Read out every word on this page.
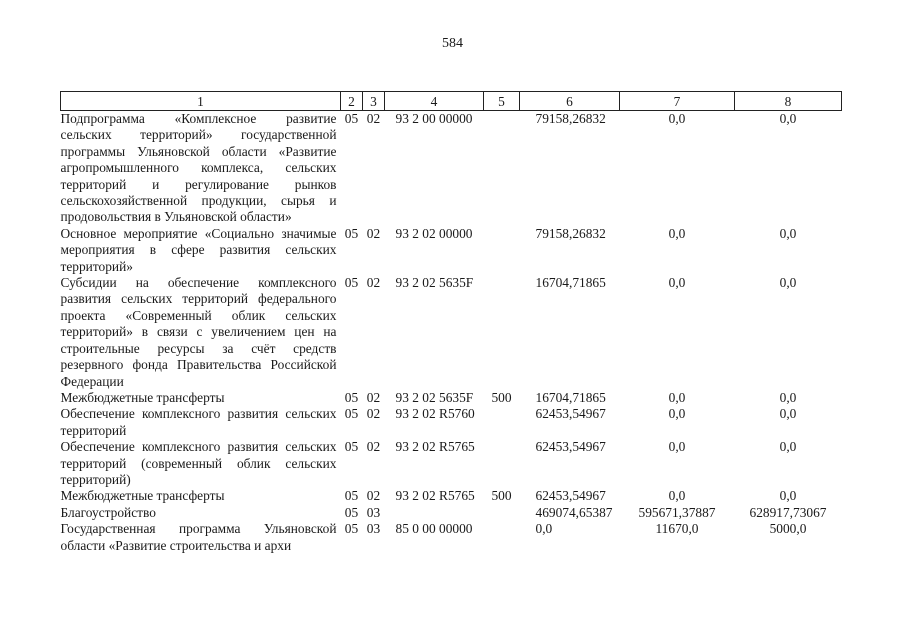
584
1	2	3	4	5	6	7	8
Подпрограмма «Комплексное развитие сельских территорий» государственной программы Ульяновской области «Развитие агропромышленного комплекса, сельских территорий и регулирование рынков сельскохозяйственной продукции, сырья и продовольствия в Ульяновской области»	05	02	93 2 00 00000		79158,26832	0,0	0,0
Основное мероприятие «Социально значимые мероприятия в сфере развития сельских территорий»	05	02	93 2 02 00000		79158,26832	0,0	0,0
Субсидии на обеспечение комплексного развития сельских территорий федерального проекта «Современный облик сельских территорий» в связи с увеличением цен на строительные ресурсы за счёт средств резервного фонда Правительства Российской Федерации	05	02	93 2 02 5635F		16704,71865	0,0	0,0
Межбюджетные трансферты	05	02	93 2 02 5635F	500	16704,71865	0,0	0,0
Обеспечение комплексного развития сельских территорий	05	02	93 2 02 R5760		62453,54967	0,0	0,0
Обеспечение комплексного развития сельских территорий (современный облик сельских территорий)	05	02	93 2 02 R5765		62453,54967	0,0	0,0
Межбюджетные трансферты	05	02	93 2 02 R5765	500	62453,54967	0,0	0,0
Благоустройство	05	03			469074,65387	595671,37887	628917,73067
Государственная программа Ульяновской области «Развитие строительства и архи	05	03	85 0 00 00000		0,0	11670,0	5000,0
